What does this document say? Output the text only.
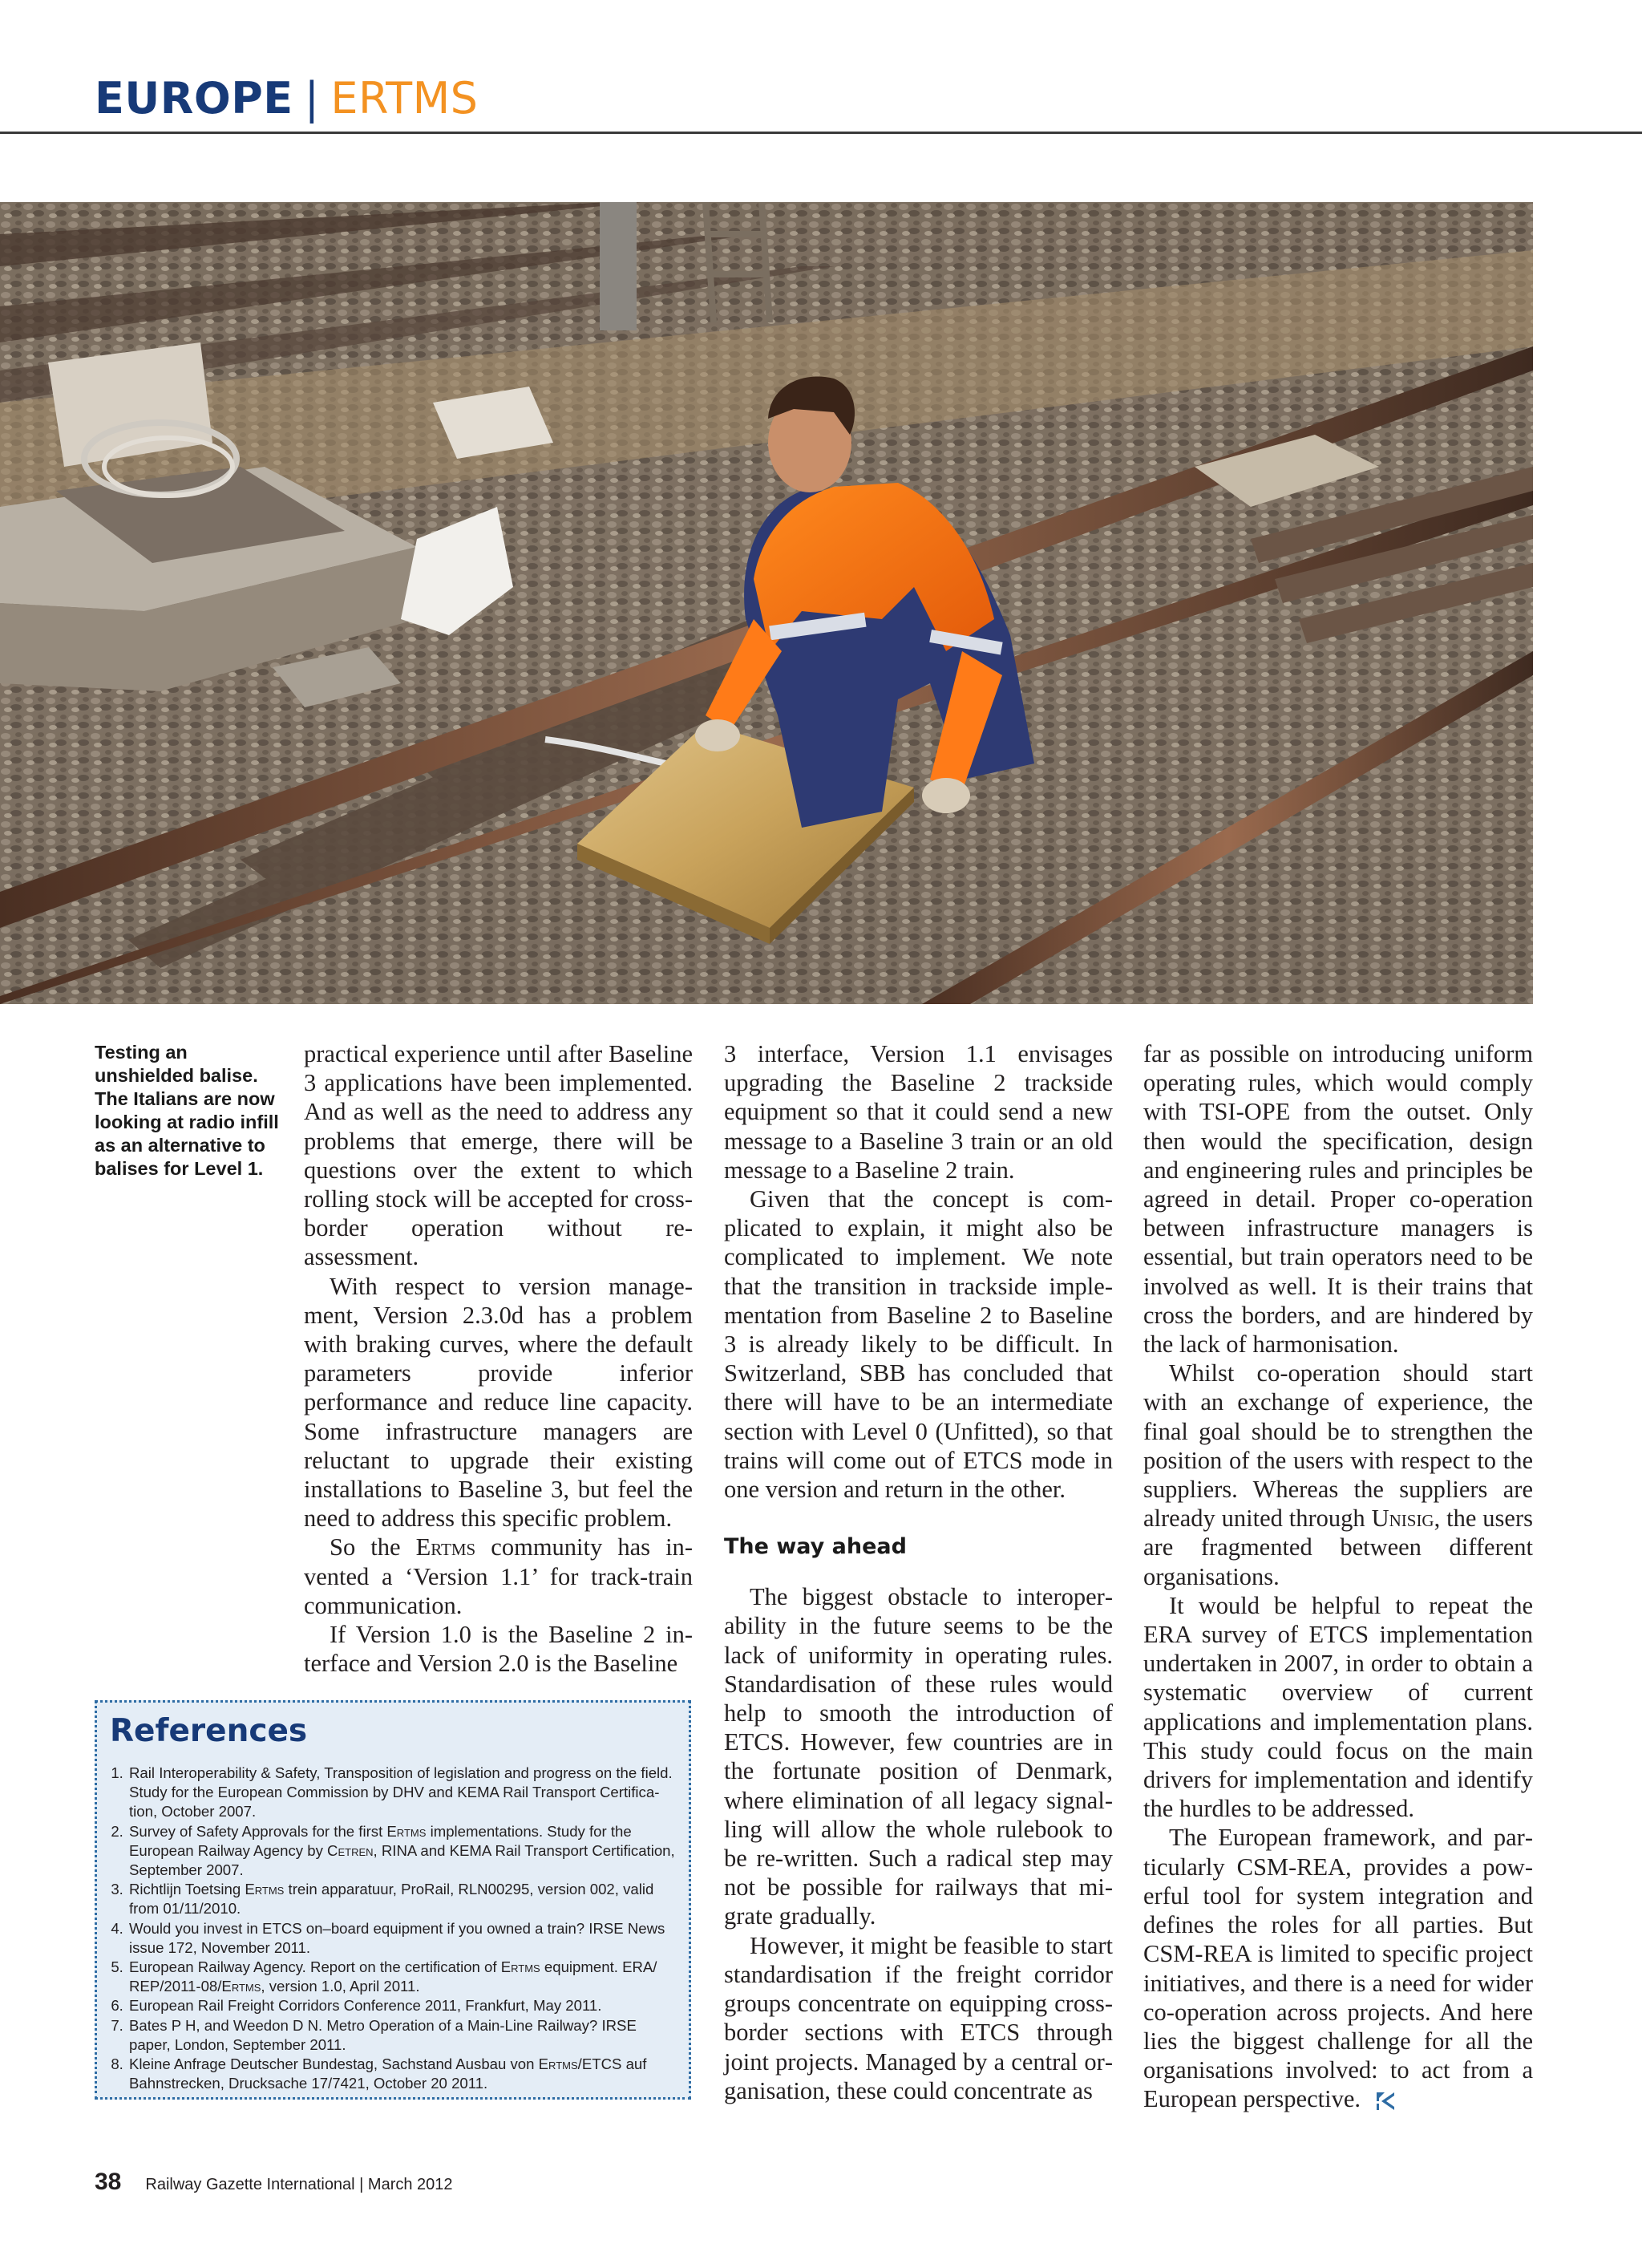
EUROPE | ERTMS
Testing an unshielded balise. The Italians are now looking at radio infill as an alternative to balises for Level 1.

practical experience until after Baseline 3 applications have been implemented. And as well as the need to address any problems that emerge, there will be questions over the extent to which rolling stock will be accepted for cross-border operation without re-assessment.

With respect to version management, Version 2.3.0d has a problem with braking curves, where the default parameters provide inferior performance and reduce line capacity. Some infrastructure managers are reluctant to upgrade their existing installations to Baseline 3, but feel the need to address this specific problem.

So the Ertms community has invented a ‘Version 1.1’ for track-train communication.

If Version 1.0 is the Baseline 2 interface and Version 2.0 is the Baseline

3 interface, Version 1.1 envisages upgrading the Baseline 2 trackside equipment so that it could send a new message to a Baseline 3 train or an old message to a Baseline 2 train.

Given that the concept is complicated to explain, it might also be complicated to implement. We note that the transition in trackside implementation from Baseline 2 to Baseline 3 is already likely to be difficult. In Switzerland, SBB has concluded that there will have to be an intermediate section with Level 0 (Unfitted), so that trains will come out of ETCS mode in one version and return in the other.

The way ahead

The biggest obstacle to interoperability in the future seems to be the lack of uniformity in operating rules. Standardisation of these rules would help to smooth the introduction of ETCS. However, few countries are in the fortunate position of Denmark, where elimination of all legacy signalling will allow the whole rulebook to be re-written. Such a radical step may not be possible for railways that migrate gradually.

However, it might be feasible to start standardisation if the freight corridor groups concentrate on equipping cross-border sections with ETCS through joint projects. Managed by a central organisation, these could concentrate as

far as possible on introducing uniform operating rules, which would comply with TSI-OPE from the outset. Only then would the specification, design and engineering rules and principles be agreed in detail. Proper co-operation between infrastructure managers is essential, but train operators need to be involved as well. It is their trains that cross the borders, and are hindered by the lack of harmonisation.

Whilst co-operation should start with an exchange of experience, the final goal should be to strengthen the position of the users with respect to the suppliers. Whereas the suppliers are already united through Unisig, the users are fragmented between different organisations.

It would be helpful to repeat the ERA survey of ETCS implementation undertaken in 2007, in order to obtain a systematic overview of current applications and implementation plans. This study could focus on the main drivers for implementation and identify the hurdles to be addressed.

The European framework, and particularly CSM-REA, provides a powerful tool for system integration and defines the roles for all parties. But CSM-REA is limited to specific project initiatives, and there is a need for wider co-operation across projects. And here lies the biggest challenge for all the organisations involved: to act from a European perspective.

References
1. Rail Interoperability & Safety, Transposition of legislation and progress on the field. Study for the European Commission by DHV and KEMA Rail Transport Certification, October 2007.
2. Survey of Safety Approvals for the first Ertms implementations. Study for the European Railway Agency by Cetren, RINA and KEMA Rail Transport Certification, September 2007.
3. Richtlijn Toetsing Ertms trein apparatuur, ProRail, RLN00295, version 002, valid from 01/11/2010.
4. Would you invest in ETCS on–board equipment if you owned a train? IRSE News issue 172, November 2011.
5. European Railway Agency. Report on the certification of Ertms equipment. ERA/ REP/2011-08/Ertms, version 1.0, April 2011.
6. European Rail Freight Corridors Conference 2011, Frankfurt, May 2011.
7. Bates P H, and Weedon D N. Metro Operation of a Main-Line Railway? IRSE paper, London, September 2011.
8. Kleine Anfrage Deutscher Bundestag, Sachstand Ausbau von Ertms/ETCS auf Bahnstrecken, Drucksache 17/7421, October 20 2011.
38 Railway Gazette International | March 2012
